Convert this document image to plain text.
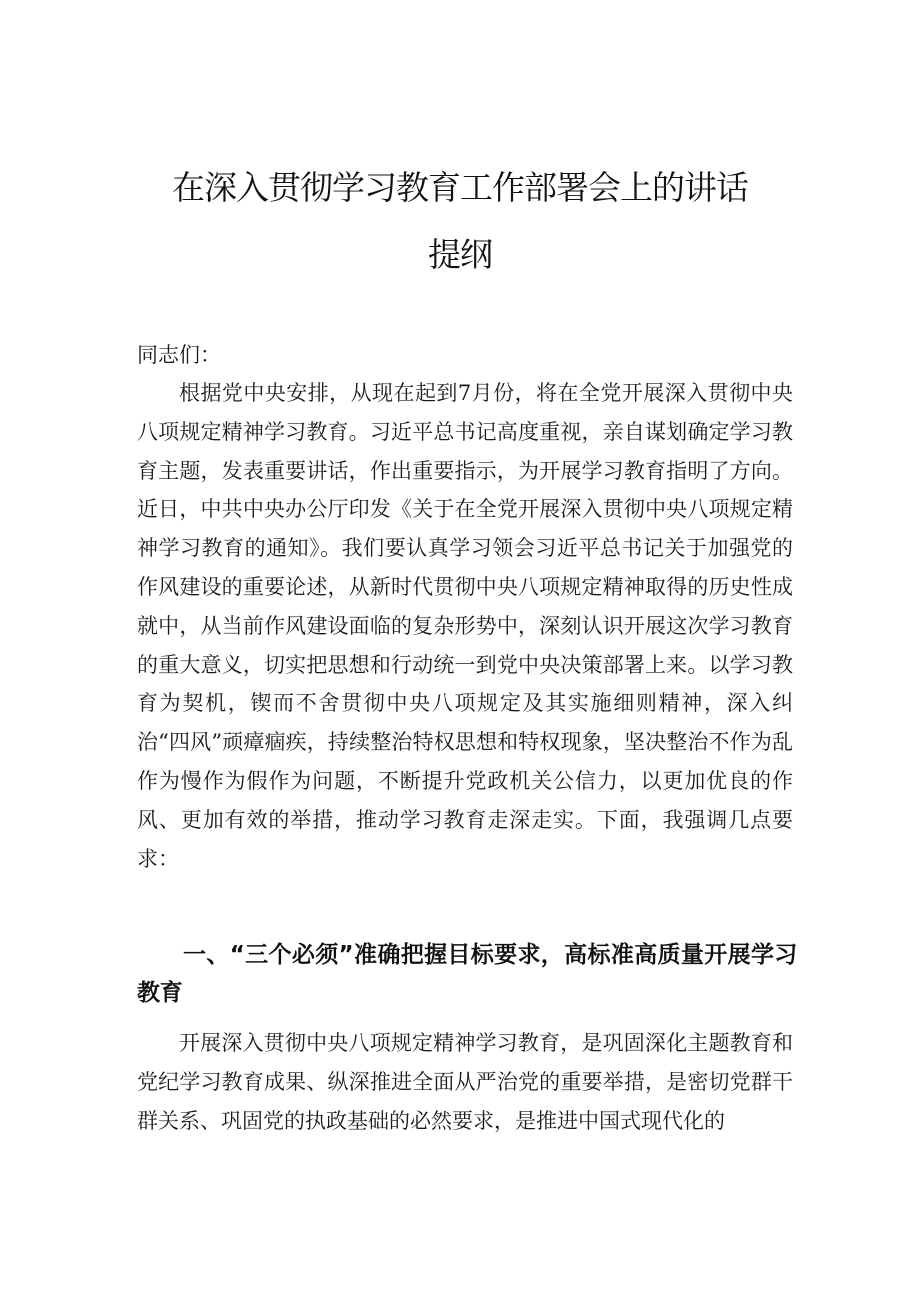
在深入贯彻学习教育工作部署会上的讲话
提纲

同志们：

根据党中央安排，从现在起到7月份，将在全党开展深入贯彻中央八项规定精神学习教育。习近平总书记高度重视，亲自谋划确定学习教育主题，发表重要讲话，作出重要指示，为开展学习教育指明了方向。近日，中共中央办公厅印发《关于在全党开展深入贯彻中央八项规定精神学习教育的通知》。我们要认真学习领会习近平总书记关于加强党的作风建设的重要论述，从新时代贯彻中央八项规定精神取得的历史性成就中，从当前作风建设面临的复杂形势中，深刻认识开展这次学习教育的重大意义，切实把思想和行动统一到党中央决策部署上来。以学习教育为契机，锲而不舍贯彻中央八项规定及其实施细则精神，深入纠治“四风”顽瘴痼疾，持续整治特权思想和特权现象，坚决整治不作为乱作为慢作为假作为问题，不断提升党政机关公信力，以更加优良的作风、更加有效的举措，推动学习教育走深走实。下面，我强调几点要求：

一、“三个必须”准确把握目标要求，高标准高质量开展学习教育

开展深入贯彻中央八项规定精神学习教育，是巩固深化主题教育和党纪学习教育成果、纵深推进全面从严治党的重要举措，是密切党群干群关系、巩固党的执政基础的必然要求，是推进中国式现代化的
